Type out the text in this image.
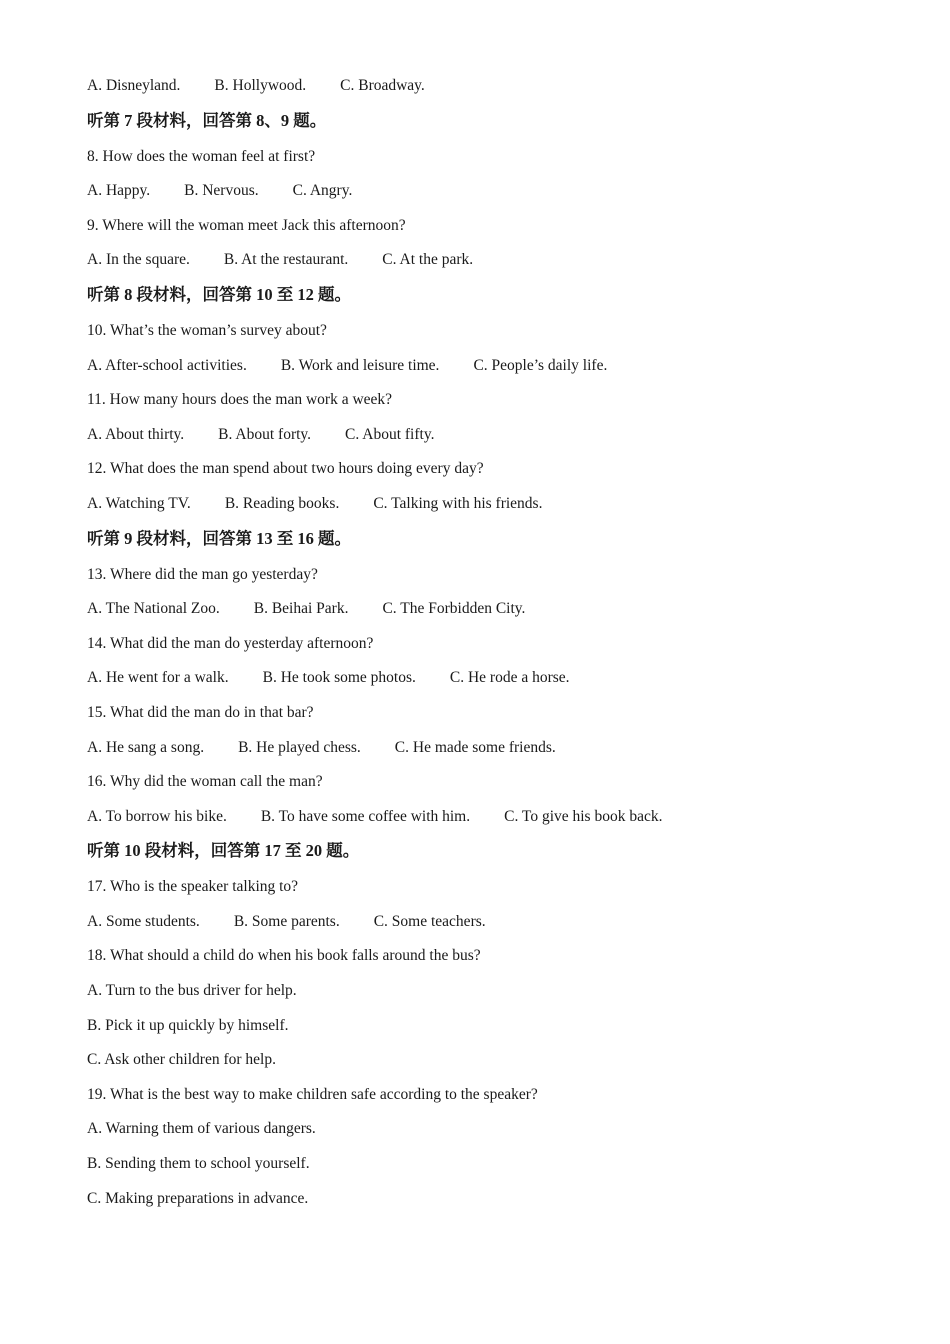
A. Disneyland. B. Hollywood. C. Broadway.
听第 7 段材料，回答第 8、9 题。
8. How does the woman feel at first?
A. Happy. B. Nervous. C. Angry.
9. Where will the woman meet Jack this afternoon?
A. In the square. B. At the restaurant. C. At the park.
听第 8 段材料，回答第 10 至 12 题。
10. What’s the woman’s survey about?
A. After-school activities. B. Work and leisure time. C. People’s daily life.
11. How many hours does the man work a week?
A. About thirty. B. About forty. C. About fifty.
12. What does the man spend about two hours doing every day?
A. Watching TV. B. Reading books. C. Talking with his friends.
听第 9 段材料，回答第 13 至 16 题。
13. Where did the man go yesterday?
A. The National Zoo. B. Beihai Park. C. The Forbidden City.
14. What did the man do yesterday afternoon?
A. He went for a walk. B. He took some photos. C. He rode a horse.
15. What did the man do in that bar?
A. He sang a song. B. He played chess. C. He made some friends.
16. Why did the woman call the man?
A. To borrow his bike. B. To have some coffee with him. C. To give his book back.
听第 10 段材料，回答第 17 至 20 题。
17. Who is the speaker talking to?
A. Some students. B. Some parents. C. Some teachers.
18. What should a child do when his book falls around the bus?
A. Turn to the bus driver for help.
B. Pick it up quickly by himself.
C. Ask other children for help.
19. What is the best way to make children safe according to the speaker?
A. Warning them of various dangers.
B. Sending them to school yourself.
C. Making preparations in advance.
